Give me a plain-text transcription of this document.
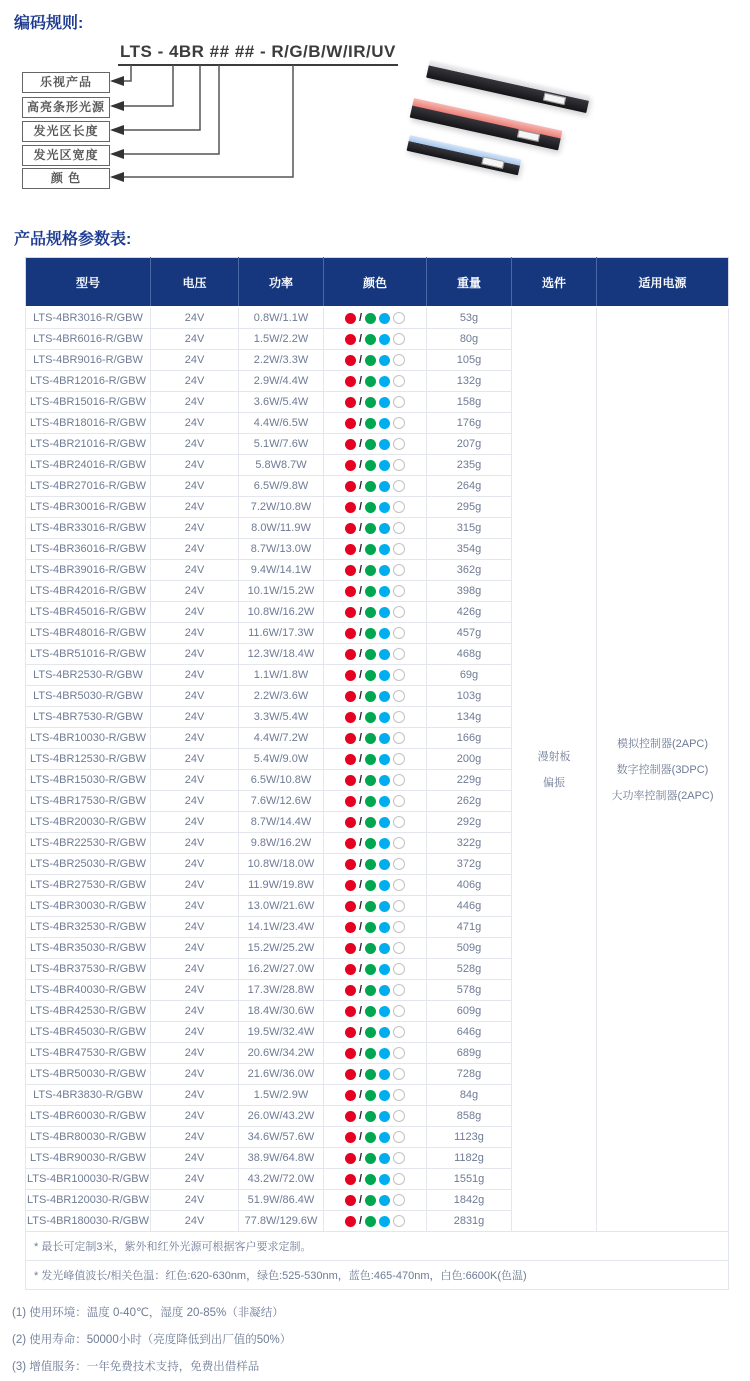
编码规则:
LTS - 4BR ## ## - R/G/B/W/IR/UV
乐视产品
高亮条形光源
发光区长度
发光区宽度
颜 色
产品规格参数表:
型号	电压	功率	颜色	重量	选件	适用电源
LTS-4BR3016-R/GBW	24V	0.8W/1.1W	/	53g	
漫射板
偏振

模拟控制器(2APC)
数字控制器(3DPC)
大功率控制器(2APC)

LTS-4BR6016-R/GBW	24V	1.5W/2.2W	/	80g		
LTS-4BR9016-R/GBW	24V	2.2W/3.3W	/	105g		
LTS-4BR12016-R/GBW	24V	2.9W/4.4W	/	132g		
LTS-4BR15016-R/GBW	24V	3.6W/5.4W	/	158g		
LTS-4BR18016-R/GBW	24V	4.4W/6.5W	/	176g		
LTS-4BR21016-R/GBW	24V	5.1W/7.6W	/	207g		
LTS-4BR24016-R/GBW	24V	5.8W8.7W	/	235g		
LTS-4BR27016-R/GBW	24V	6.5W/9.8W	/	264g		
LTS-4BR30016-R/GBW	24V	7.2W/10.8W	/	295g		
LTS-4BR33016-R/GBW	24V	8.0W/11.9W	/	315g		
LTS-4BR36016-R/GBW	24V	8.7W/13.0W	/	354g		
LTS-4BR39016-R/GBW	24V	9.4W/14.1W	/	362g		
LTS-4BR42016-R/GBW	24V	10.1W/15.2W	/	398g		
LTS-4BR45016-R/GBW	24V	10.8W/16.2W	/	426g		
LTS-4BR48016-R/GBW	24V	11.6W/17.3W	/	457g		
LTS-4BR51016-R/GBW	24V	12.3W/18.4W	/	468g		
LTS-4BR2530-R/GBW	24V	1.1W/1.8W	/	69g		
LTS-4BR5030-R/GBW	24V	2.2W/3.6W	/	103g		
LTS-4BR7530-R/GBW	24V	3.3W/5.4W	/	134g		
LTS-4BR10030-R/GBW	24V	4.4W/7.2W	/	166g		
LTS-4BR12530-R/GBW	24V	5.4W/9.0W	/	200g		
LTS-4BR15030-R/GBW	24V	6.5W/10.8W	/	229g		
LTS-4BR17530-R/GBW	24V	7.6W/12.6W	/	262g		
LTS-4BR20030-R/GBW	24V	8.7W/14.4W	/	292g		
LTS-4BR22530-R/GBW	24V	9.8W/16.2W	/	322g		
LTS-4BR25030-R/GBW	24V	10.8W/18.0W	/	372g		
LTS-4BR27530-R/GBW	24V	11.9W/19.8W	/	406g		
LTS-4BR30030-R/GBW	24V	13.0W/21.6W	/	446g		
LTS-4BR32530-R/GBW	24V	14.1W/23.4W	/	471g		
LTS-4BR35030-R/GBW	24V	15.2W/25.2W	/	509g		
LTS-4BR37530-R/GBW	24V	16.2W/27.0W	/	528g		
LTS-4BR40030-R/GBW	24V	17.3W/28.8W	/	578g		
LTS-4BR42530-R/GBW	24V	18.4W/30.6W	/	609g		
LTS-4BR45030-R/GBW	24V	19.5W/32.4W	/	646g		
LTS-4BR47530-R/GBW	24V	20.6W/34.2W	/	689g		
LTS-4BR50030-R/GBW	24V	21.6W/36.0W	/	728g		
LTS-4BR3830-R/GBW	24V	1.5W/2.9W	/	84g		
LTS-4BR60030-R/GBW	24V	26.0W/43.2W	/	858g		
LTS-4BR80030-R/GBW	24V	34.6W/57.6W	/	1123g		
LTS-4BR90030-R/GBW	24V	38.9W/64.8W	/	1182g		
LTS-4BR100030-R/GBW	24V	43.2W/72.0W	/	1551g		
LTS-4BR120030-R/GBW	24V	51.9W/86.4W	/	1842g		
LTS-4BR180030-R/GBW	24V	77.8W/129.6W	/	2831g		
* 最长可定制3米，紫外和红外光源可根据客户要求定制。						
* 发光峰值波长/相关色温：红色:620-630nm，绿色:525-530nm，蓝色:465-470nm，白色:6600K(色温)						
(1) 使用环境：温度 0-40℃，湿度 20-85%（非凝结）
(2) 使用寿命：50000小时（亮度降低到出厂值的50%）
(3) 增值服务：一年免费技术支持，免费出借样品
